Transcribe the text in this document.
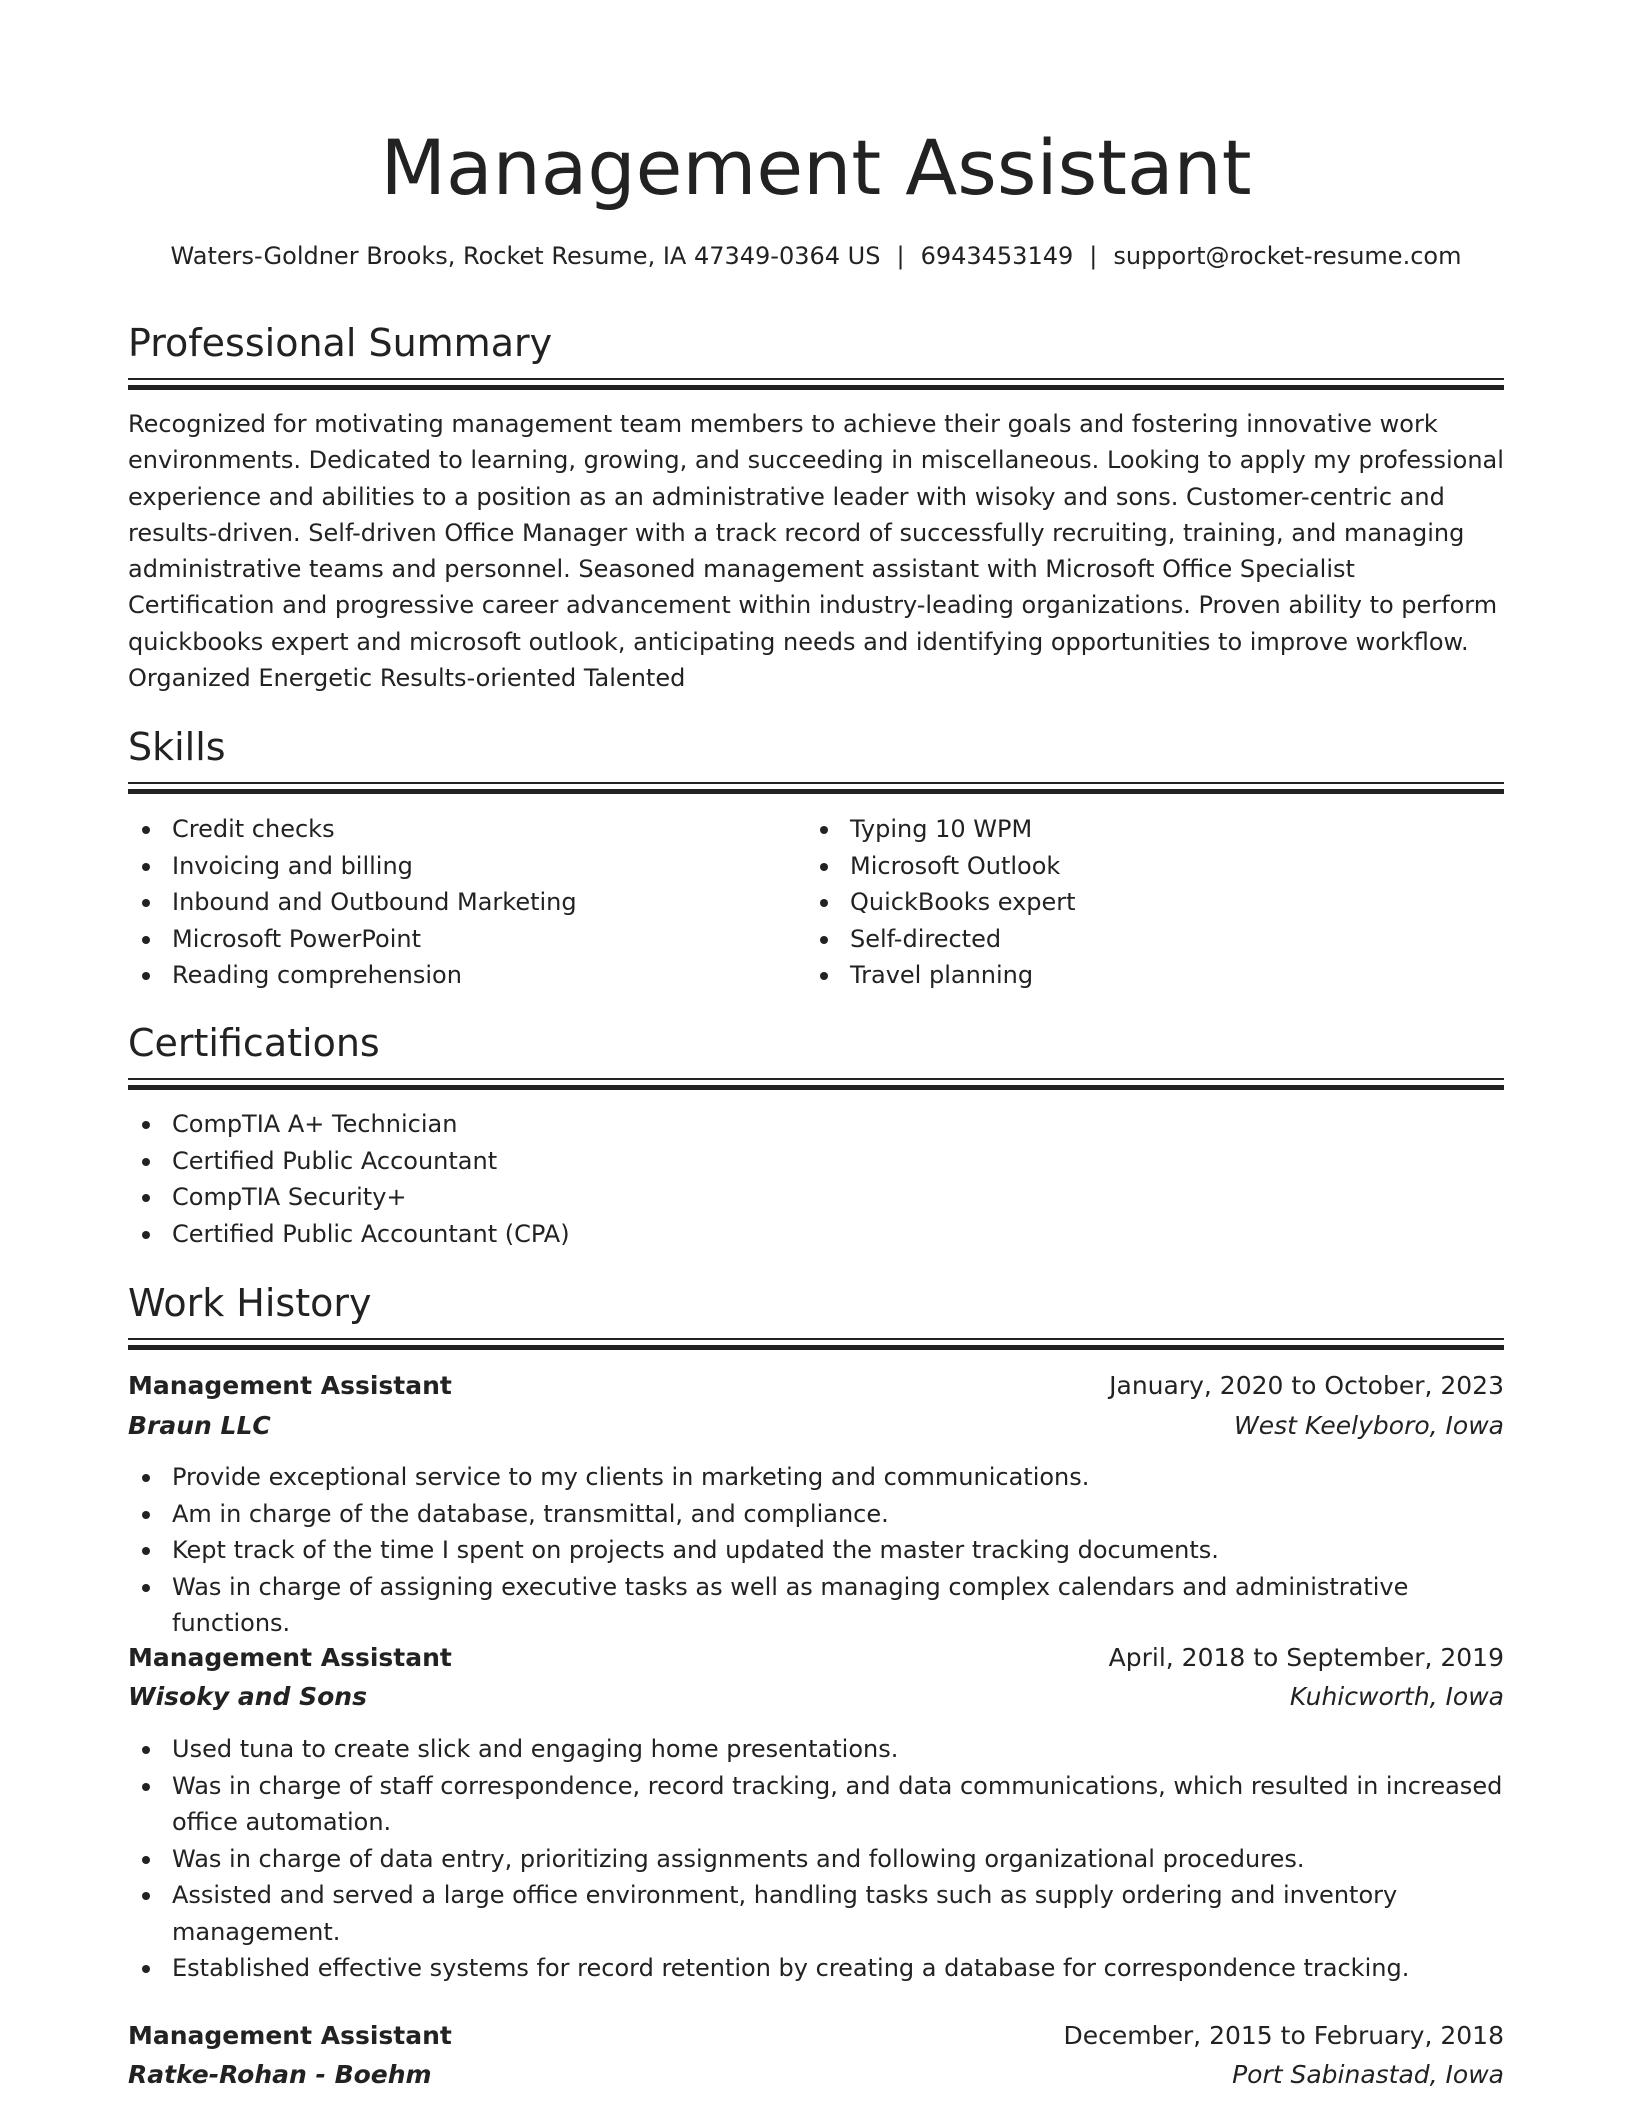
Management Assistant
Waters-Goldner Brooks, Rocket Resume, IA 47349-0364 US | 6943453149 | support@rocket-resume.com
Professional Summary

Recognized for motivating management team members to achieve their goals and fostering innovative work environments. Dedicated to learning, growing, and succeeding in miscellaneous. Looking to apply my professional experience and abilities to a position as an administrative leader with wisoky and sons. Customer-centric and results-driven. Self-driven Office Manager with a track record of successfully recruiting, training, and managing administrative teams and personnel. Seasoned management assistant with Microsoft Office Specialist Certification and progressive career advancement within industry-leading organizations. Proven ability to perform quickbooks expert and microsoft outlook, anticipating needs and identifying opportunities to improve workflow. Organized Energetic Results-oriented Talented

Skills
Credit checks
Invoicing and billing
Inbound and Outbound Marketing
Microsoft PowerPoint
Reading comprehension
Typing 10 WPM
Microsoft Outlook
QuickBooks expert
Self-directed
Travel planning
Certifications
CompTIA A+ Technician
Certified Public Accountant
CompTIA Security+
Certified Public Accountant (CPA)
Work History
Management Assistant	January, 2020 to October, 2023
Braun LLC	West Keelyboro, Iowa
Provide exceptional service to my clients in marketing and communications.
Am in charge of the database, transmittal, and compliance.
Kept track of the time I spent on projects and updated the master tracking documents.
Was in charge of assigning executive tasks as well as managing complex calendars and administrative functions.
Management Assistant	April, 2018 to September, 2019
Wisoky and Sons	Kuhicworth, Iowa
Used tuna to create slick and engaging home presentations.
Was in charge of staff correspondence, record tracking, and data communications, which resulted in increased office automation.
Was in charge of data entry, prioritizing assignments and following organizational procedures.
Assisted and served a large office environment, handling tasks such as supply ordering and inventory management.
Established effective systems for record retention by creating a database for correspondence tracking.
Management Assistant	December, 2015 to February, 2018
Ratke-Rohan - Boehm	Port Sabinastad, Iowa
